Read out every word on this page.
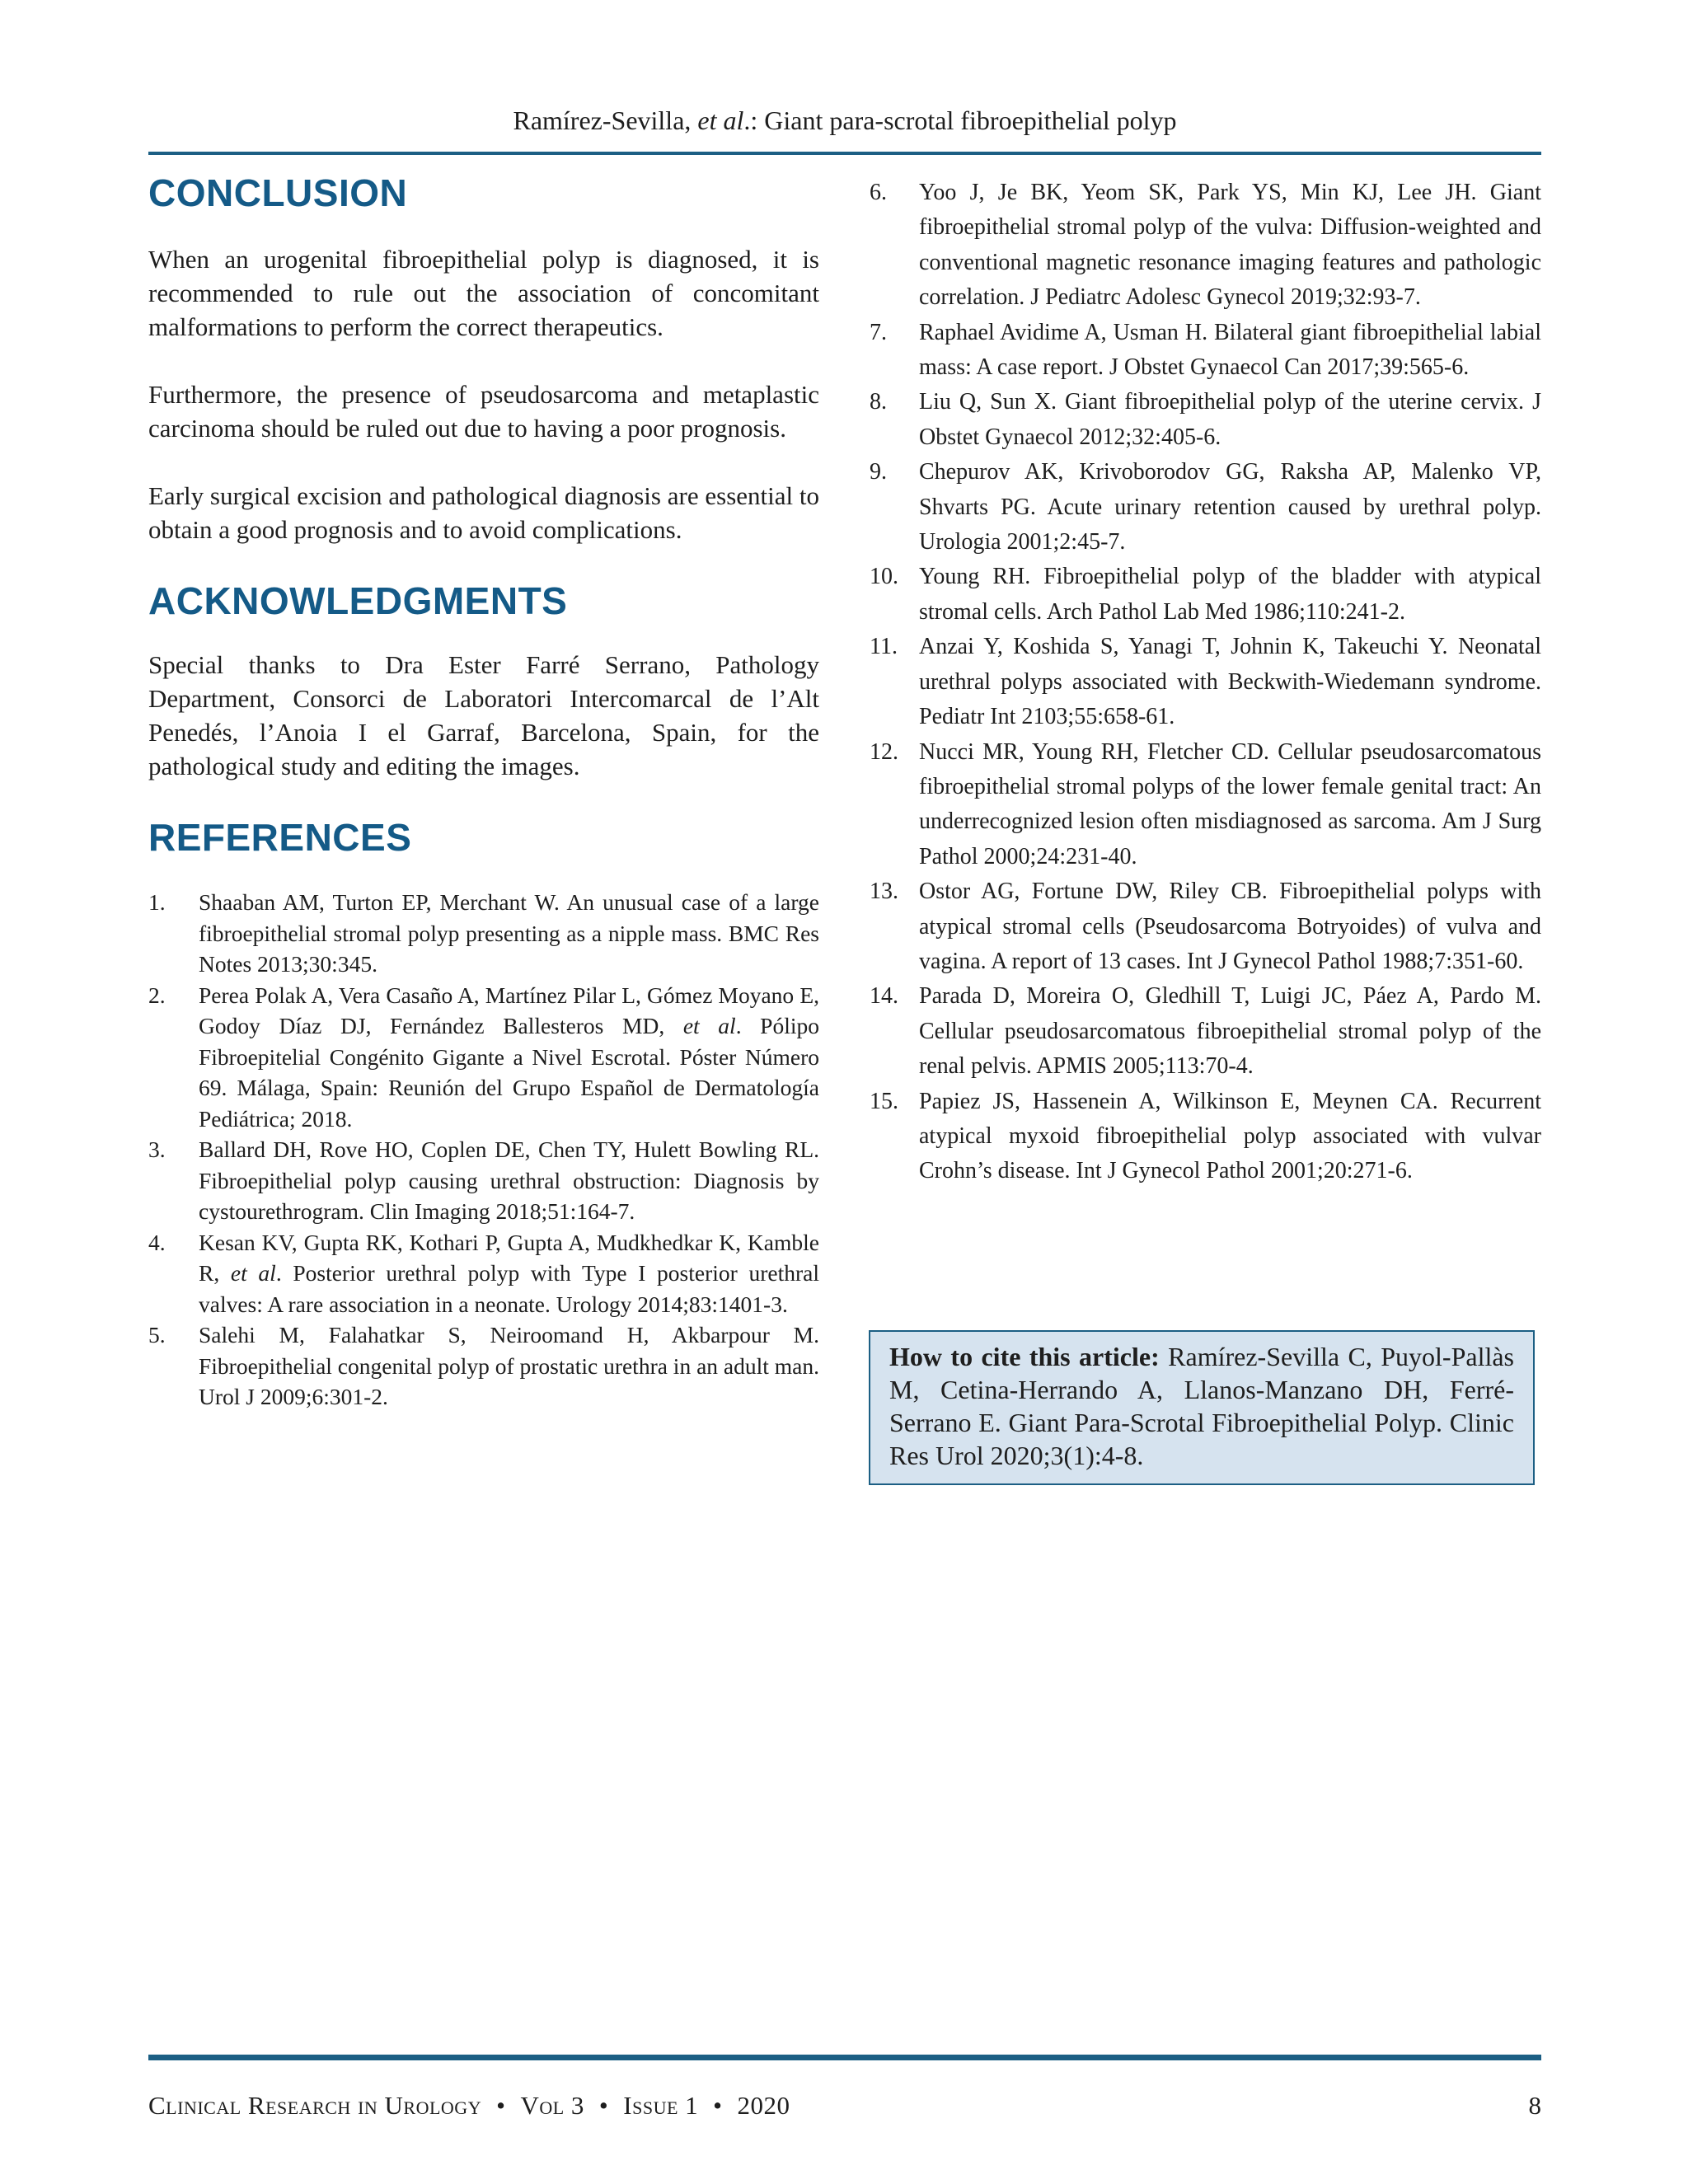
Ramírez-Sevilla, et al.: Giant para-scrotal fibroepithelial polyp
CONCLUSION

When an urogenital fibroepithelial polyp is diagnosed, it is recommended to rule out the association of concomitant malformations to perform the correct therapeutics.

Furthermore, the presence of pseudosarcoma and metaplastic carcinoma should be ruled out due to having a poor prognosis.

Early surgical excision and pathological diagnosis are essential to obtain a good prognosis and to avoid complications.

ACKNOWLEDGMENTS

Special thanks to Dra Ester Farré Serrano, Pathology Department, Consorci de Laboratori Intercomarcal de l’Alt Penedés, l’Anoia I el Garraf, Barcelona, Spain, for the pathological study and editing the images.

REFERENCES
1.	Shaaban AM, Turton EP, Merchant W. An unusual case of a large fibroepithelial stromal polyp presenting as a nipple mass. BMC Res Notes 2013;30:345.
2.	Perea Polak A, Vera Casaño A, Martínez Pilar L, Gómez Moyano E, Godoy Díaz DJ, Fernández Ballesteros MD, et al. Pólipo Fibroepitelial Congénito Gigante a Nivel Escrotal. Póster Número 69. Málaga, Spain: Reunión del Grupo Español de Dermatología Pediátrica; 2018.
3.	Ballard DH, Rove HO, Coplen DE, Chen TY, Hulett Bowling RL. Fibroepithelial polyp causing urethral obstruction: Diagnosis by cystourethrogram. Clin Imaging 2018;51:164-7.
4.	Kesan KV, Gupta RK, Kothari P, Gupta A, Mudkhedkar K, Kamble R, et al. Posterior urethral polyp with Type I posterior urethral valves: A rare association in a neonate. Urology 2014;83:1401-3.
5.	Salehi M, Falahatkar S, Neiroomand H, Akbarpour M. Fibroepithelial congenital polyp of prostatic urethra in an adult man. Urol J 2009;6:301-2.
6.	Yoo J, Je BK, Yeom SK, Park YS, Min KJ, Lee JH. Giant fibroepithelial stromal polyp of the vulva: Diffusion-weighted and conventional magnetic resonance imaging features and pathologic correlation. J Pediatrc Adolesc Gynecol 2019;32:93-7.
7.	Raphael Avidime A, Usman H. Bilateral giant fibroepithelial labial mass: A case report. J Obstet Gynaecol Can 2017;39:565-6.
8.	Liu Q, Sun X. Giant fibroepithelial polyp of the uterine cervix. J Obstet Gynaecol 2012;32:405-6.
9.	Chepurov AK, Krivoborodov GG, Raksha AP, Malenko VP, Shvarts PG. Acute urinary retention caused by urethral polyp. Urologia 2001;2:45-7.
10. Young RH. Fibroepithelial polyp of the bladder with atypical stromal cells. Arch Pathol Lab Med 1986;110:241-2.
11. Anzai Y, Koshida S, Yanagi T, Johnin K, Takeuchi Y. Neonatal urethral polyps associated with Beckwith-Wiedemann syndrome. Pediatr Int 2103;55:658-61.
12. Nucci MR, Young RH, Fletcher CD. Cellular pseudosarcomatous fibroepithelial stromal polyps of the lower female genital tract: An underrecognized lesion often misdiagnosed as sarcoma. Am J Surg Pathol 2000;24:231-40.
13. Ostor AG, Fortune DW, Riley CB. Fibroepithelial polyps with atypical stromal cells (Pseudosarcoma Botryoides) of vulva and vagina. A report of 13 cases. Int J Gynecol Pathol 1988;7:351-60.
14. Parada D, Moreira O, Gledhill T, Luigi JC, Páez A, Pardo M. Cellular pseudosarcomatous fibroepithelial stromal polyp of the renal pelvis. APMIS 2005;113:70-4.
15. Papiez JS, Hassenein A, Wilkinson E, Meynen CA. Recurrent atypical myxoid fibroepithelial polyp associated with vulvar Crohn’s disease. Int J Gynecol Pathol 2001;20:271-6.
How to cite this article: Ramírez-Sevilla C, Puyol-Pallàs M, Cetina-Herrando A, Llanos-Manzano DH, Ferré-Serrano E. Giant Para-Scrotal Fibroepithelial Polyp. Clinic Res Urol 2020;3(1):4-8.
Clinical Research in Urology • Vol 3 • Issue 1 • 2020	8
